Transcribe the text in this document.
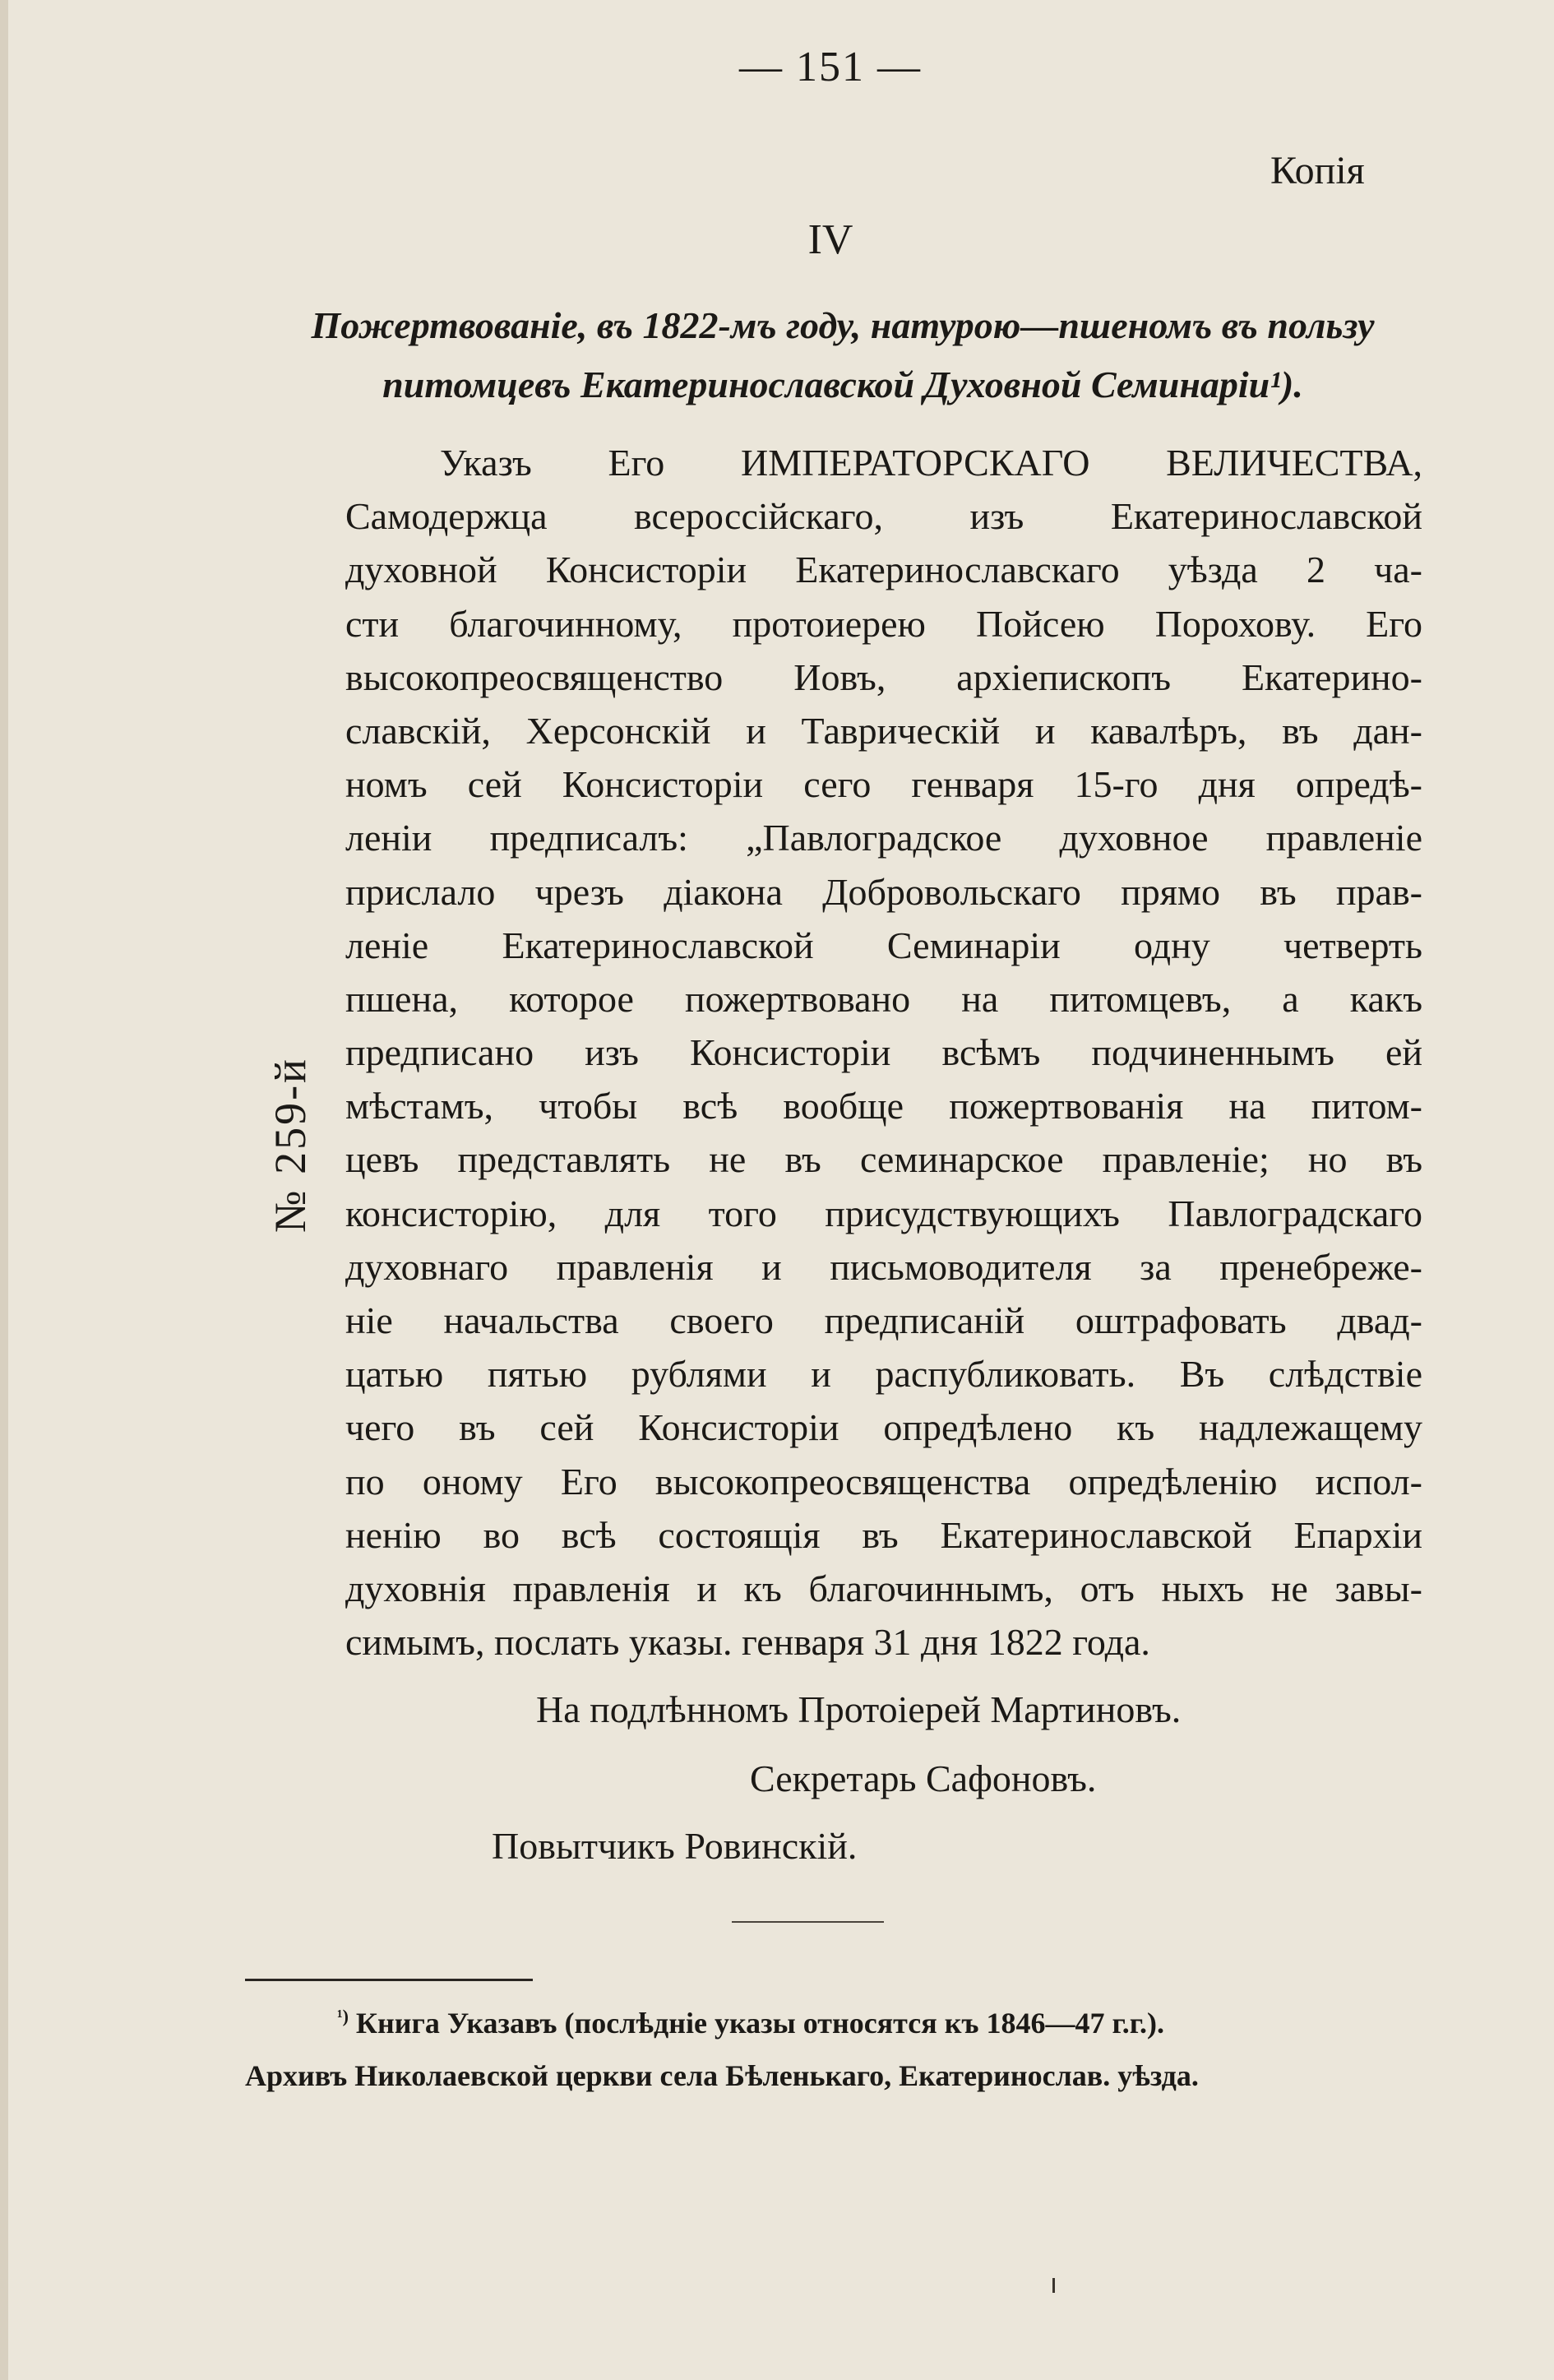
— 151 —
Копія
IV
Пожертвованіе, въ 1822-мъ году, натурою—пшеномъ въ пользу
питомцевъ Екатеринославской Духовной Семинаріи¹).
Указъ Его ИМПЕРАТОРСКАГО ВЕЛИЧЕСТВА,
Самодержца всероссійскаго, изъ Екатеринославской
духовной Консисторіи Екатеринославскаго уѣзда 2 ча-
сти благочинному, протоиерею Пойсею Порохову. Его
высокопреосвященство Иовъ, архіепископъ Екатерино-
славскій, Херсонскій и Таврическій и кавалѣръ, въ дан-
номъ сей Консисторіи сего генваря 15-го дня опредѣ-
леніи предписалъ: „Павлоградское духовное правленіе
прислало чрезъ діакона Добровольскаго прямо въ прав-
леніе Екатеринославской Семинаріи одну четверть
пшена, которое пожертвовано на питомцевъ, а какъ
предписано изъ Консисторіи всѣмъ подчиненнымъ ей
мѣстамъ, чтобы всѣ вообще пожертвованія на питом-
цевъ представлять не въ семинарское правленіе; но въ
консисторію, для того присудствующихъ Павлоградскаго
духовнаго правленія и письмоводителя за пренебреже-
ніе начальства своего предписаній оштрафовать двад-
цатью пятью рублями и распубликовать. Въ слѣдствіе
чего въ сей Консисторіи опредѣлено къ надлежащему
по оному Его высокопреосвященства опредѣленію испол-
ненію во всѣ состоящія въ Екатеринославской Епархіи
духовнія правленія и къ благочиннымъ, отъ ныхъ не завы-
симымъ, послать указы. генваря 31 дня 1822 года.
На подлѣнномъ Протоіерей Мартиновъ.
Секретарь Сафоновъ.
Повытчикъ Ровинскій.
$^{^1)}$ Книга Указавъ (послѣдніе указы относятся къ 1846—47 г.г.).
Архивъ Николаевской церкви села Бѣленькаго, Екатеринослав. уѣзда.
№ 259-й
